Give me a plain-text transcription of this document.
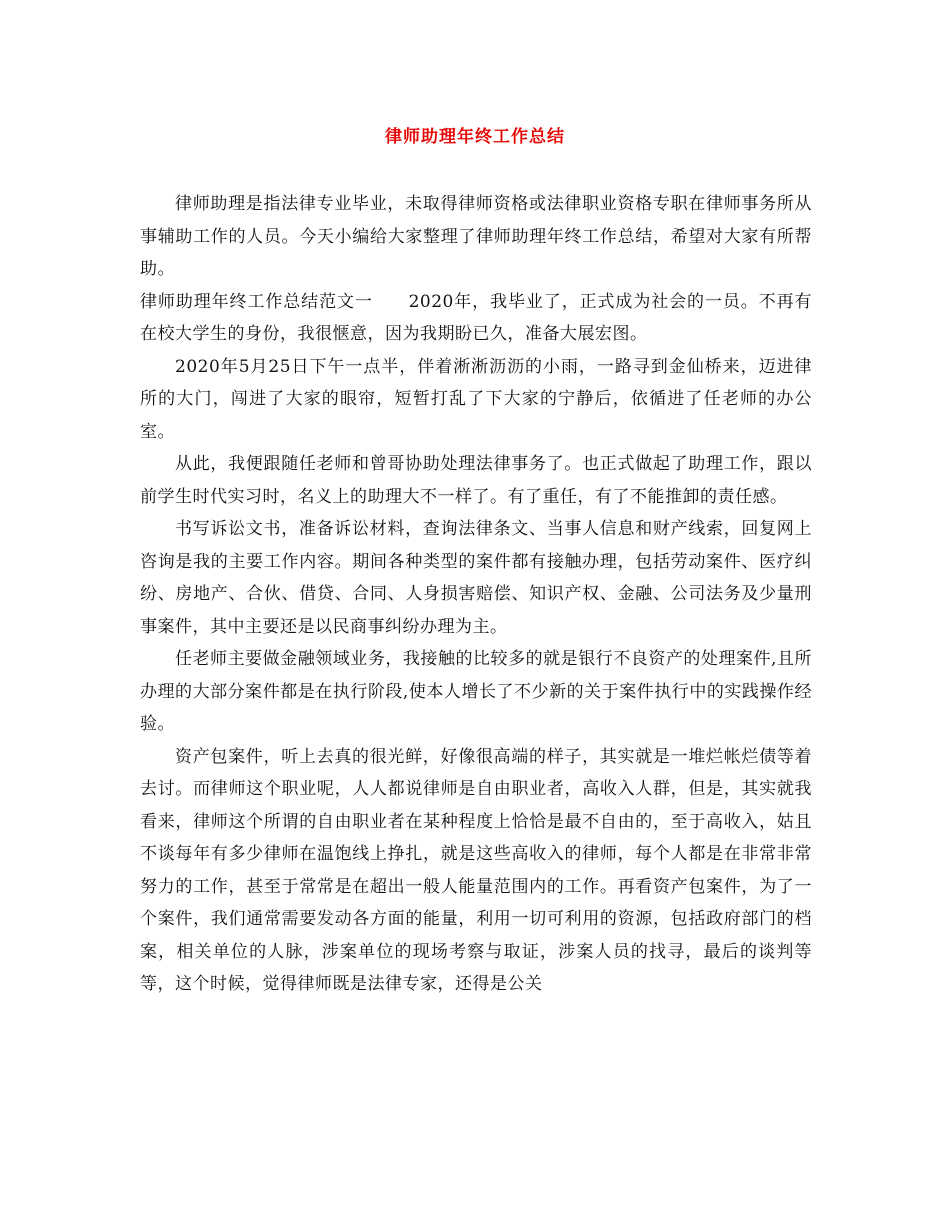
律师助理年终工作总结

律师助理是指法律专业毕业，未取得律师资格或法律职业资格专职在律师事务所从事辅助工作的人员。今天小编给大家整理了律师助理年终工作总结，希望对大家有所帮助。

律师助理年终工作总结范文一　　2020年，我毕业了，正式成为社会的一员。不再有在校大学生的身份，我很惬意，因为我期盼已久，准备大展宏图。

2020年5月25日下午一点半，伴着淅淅沥沥的小雨，一路寻到金仙桥来，迈进律所的大门，闯进了大家的眼帘，短暂打乱了下大家的宁静后，依循进了任老师的办公室。

从此，我便跟随任老师和曾哥协助处理法律事务了。也正式做起了助理工作，跟以前学生时代实习时，名义上的助理大不一样了。有了重任，有了不能推卸的责任感。

书写诉讼文书，准备诉讼材料，查询法律条文、当事人信息和财产线索，回复网上咨询是我的主要工作内容。期间各种类型的案件都有接触办理，包括劳动案件、医疗纠纷、房地产、合伙、借贷、合同、人身损害赔偿、知识产权、金融、公司法务及少量刑事案件，其中主要还是以民商事纠纷办理为主。

任老师主要做金融领域业务，我接触的比较多的就是银行不良资产的处理案件,且所办理的大部分案件都是在执行阶段,使本人增长了不少新的关于案件执行中的实践操作经验。

资产包案件，听上去真的很光鲜，好像很高端的样子，其实就是一堆烂帐烂债等着去讨。而律师这个职业呢，人人都说律师是自由职业者，高收入人群，但是，其实就我看来，律师这个所谓的自由职业者在某种程度上恰恰是最不自由的，至于高收入，姑且不谈每年有多少律师在温饱线上挣扎，就是这些高收入的律师，每个人都是在非常非常努力的工作，甚至于常常是在超出一般人能量范围内的工作。再看资产包案件，为了一个案件，我们通常需要发动各方面的能量，利用一切可利用的资源，包括政府部门的档案，相关单位的人脉，涉案单位的现场考察与取证，涉案人员的找寻，最后的谈判等等，这个时候，觉得律师既是法律专家，还得是公关
